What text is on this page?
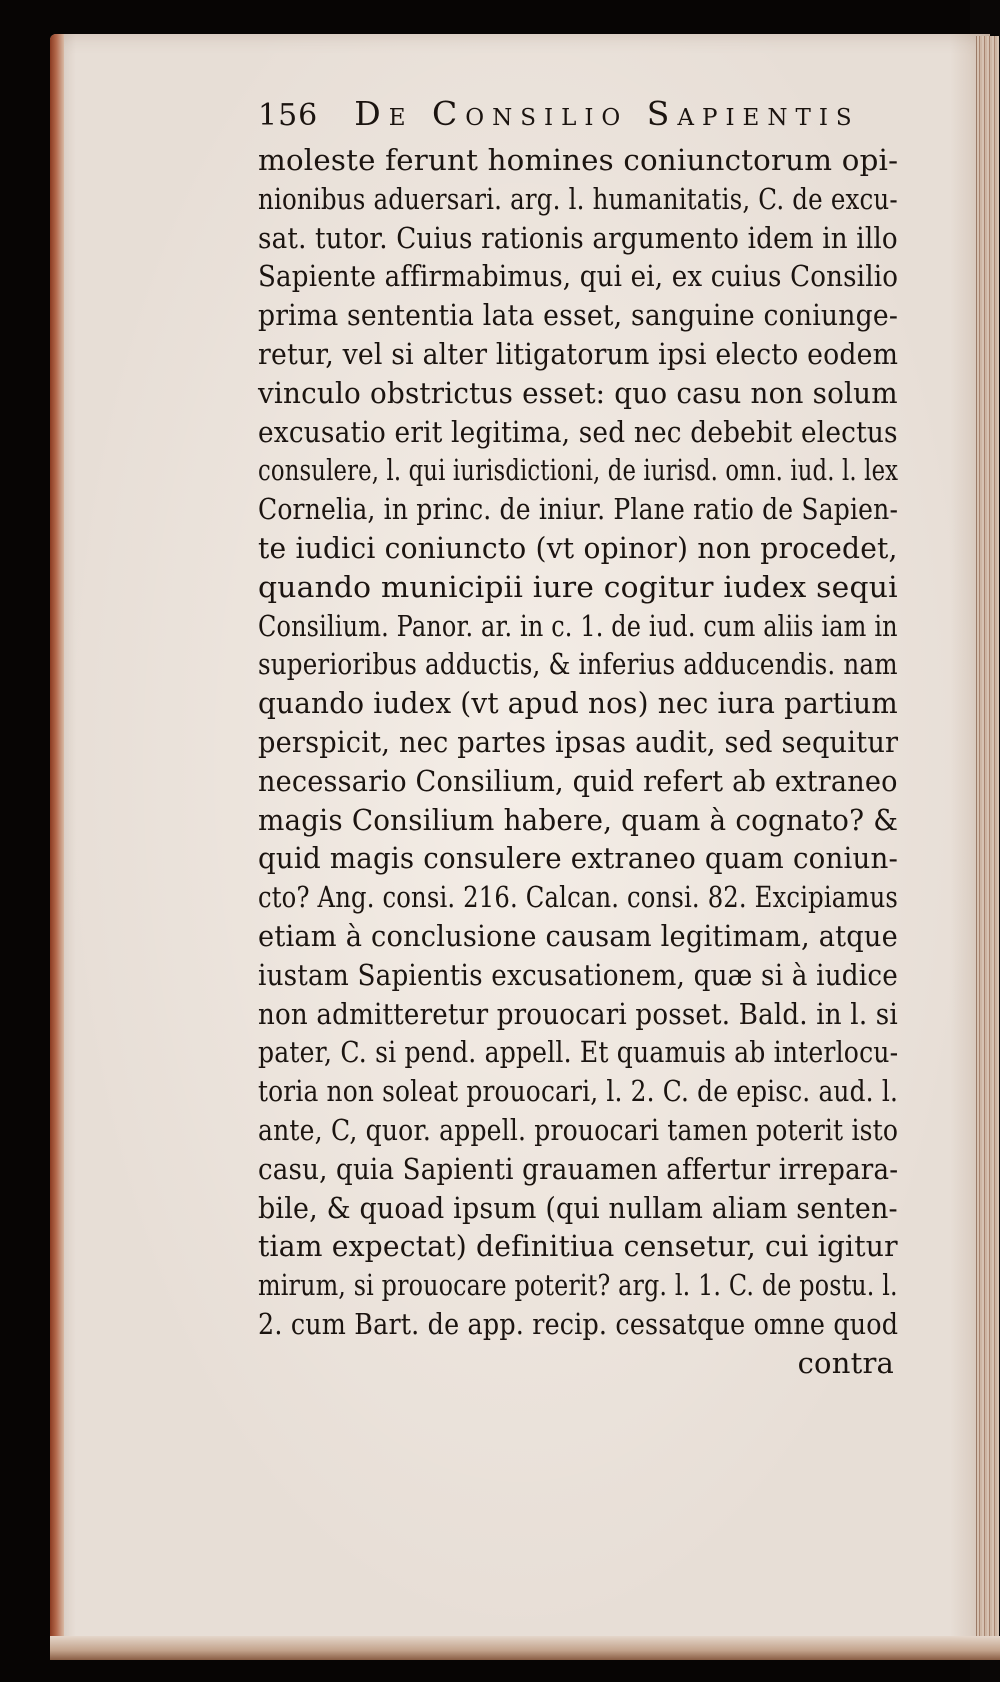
156 De Consilio Sapientis
moleste ferunt homines coniunctorum opi-
nionibus aduersari. arg. l. humanitatis, C. de excu-
sat. tutor. Cuius rationis argumento idem in illo
Sapiente affirmabimus, qui ei, ex cuius Consilio
prima sententia lata esset, sanguine coniunge-
retur, vel si alter litigatorum ipsi electo eodem
vinculo obstrictus esset: quo casu non solum
excusatio erit legitima, sed nec debebit electus
consulere, l. qui iurisdictioni, de iurisd. omn. iud. l. lex
Cornelia, in princ. de iniur. Plane ratio de Sapien-
te iudici coniuncto (vt opinor) non procedet,
quando municipii iure cogitur iudex sequi
Consilium. Panor. ar. in c. 1. de iud. cum aliis iam in
superioribus adductis, & inferius adducendis. nam
quando iudex (vt apud nos) nec iura partium
perspicit, nec partes ipsas audit, sed sequitur
necessario Consilium, quid refert ab extraneo
magis Consilium habere, quam à cognato? &
quid magis consulere extraneo quam coniun-
cto? Ang. consi. 216. Calcan. consi. 82. Excipiamus
etiam à conclusione causam legitimam, atque
iustam Sapientis excusationem, quæ si à iudice
non admitteretur prouocari posset. Bald. in l. si
pater, C. si pend. appell. Et quamuis ab interlocu-
toria non soleat prouocari, l. 2. C. de episc. aud. l.
ante, C, quor. appell. prouocari tamen poterit isto
casu, quia Sapienti grauamen affertur irrepara-
bile, & quoad ipsum (qui nullam aliam senten-
tiam expectat) definitiua censetur, cui igitur
mirum, si prouocare poterit? arg. l. 1. C. de postu. l.
2. cum Bart. de app. recip. cessatque omne quod
contra
